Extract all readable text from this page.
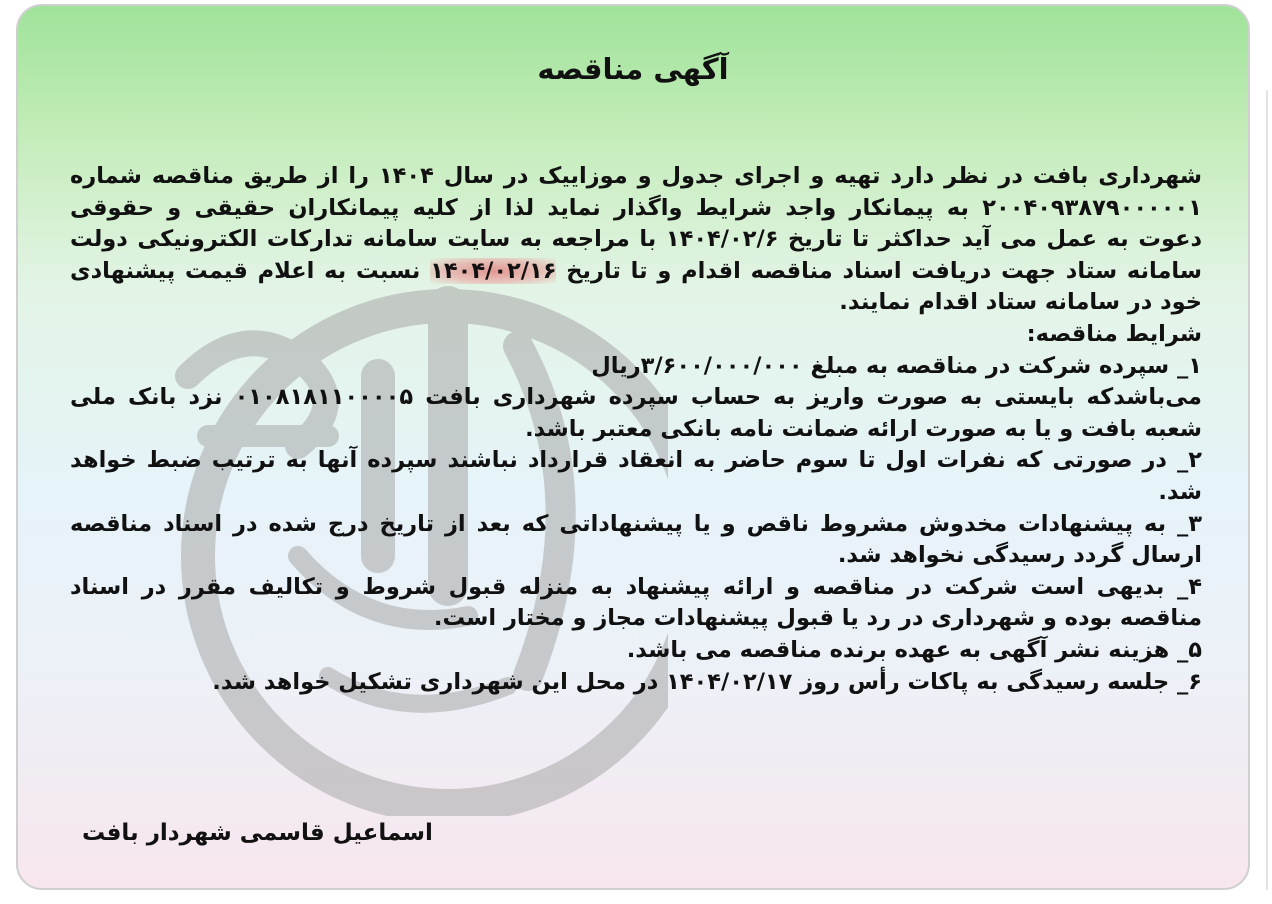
آگهی مناقصه

شهرداری بافت در نظر دارد تهیه و اجرای جدول و موزاییک در سال ۱۴۰۴ را از طریق مناقصه شماره ۲۰۰۴۰۹۳۸۷۹۰۰۰۰۰۱ به پیمانکار واجد شرایط واگذار نماید لذا از کلیه پیمانکاران حقیقی و حقوقی دعوت به عمل می آید حداکثر تا تاریخ ۱۴۰۴/۰۲/۶ با مراجعه به سایت سامانه تدارکات الکترونیکی دولت سامانه ستاد جهت دریافت اسناد مناقصه اقدام و تا تاریخ ۱۴۰۴/۰۲/۱۶ نسبت به اعلام قیمت پیشنهادی خود در سامانه ستاد اقدام نمایند.

شرایط مناقصه:

۱_ سپرده شرکت در مناقصه به مبلغ ۳/۶۰۰/۰۰۰/۰۰۰ریال

می‌باشدکه بایستی به صورت واریز به حساب سپرده شهرداری بافت ۰۱۰۸۱۸۱۱۰۰۰۰۵ نزد بانک ملی شعبه بافت و یا به صورت ارائه ضمانت نامه بانکی معتبر باشد.

۲_ در صورتی که نفرات اول تا سوم حاضر به انعقاد قرارداد نباشند سپرده آنها به ترتیب ضبط خواهد شد.

۳_ به پیشنهادات مخدوش مشروط ناقص و یا پیشنهاداتی که بعد از تاریخ درج شده در اسناد مناقصه ارسال گردد رسیدگی نخواهد شد.

۴_ بدیهی است شرکت در مناقصه و ارائه پیشنهاد به منزله قبول شروط و تکالیف مقرر در اسناد مناقصه بوده و شهرداری در رد یا قبول پیشنهادات مجاز و مختار است.

۵_ هزینه نشر آگهی به عهده برنده مناقصه می باشد.

۶_ جلسه رسیدگی به پاکات رأس روز ۱۴۰۴/۰۲/۱۷ در محل این شهرداری تشکیل خواهد شد.

اسماعیل قاسمی شهردار بافت
